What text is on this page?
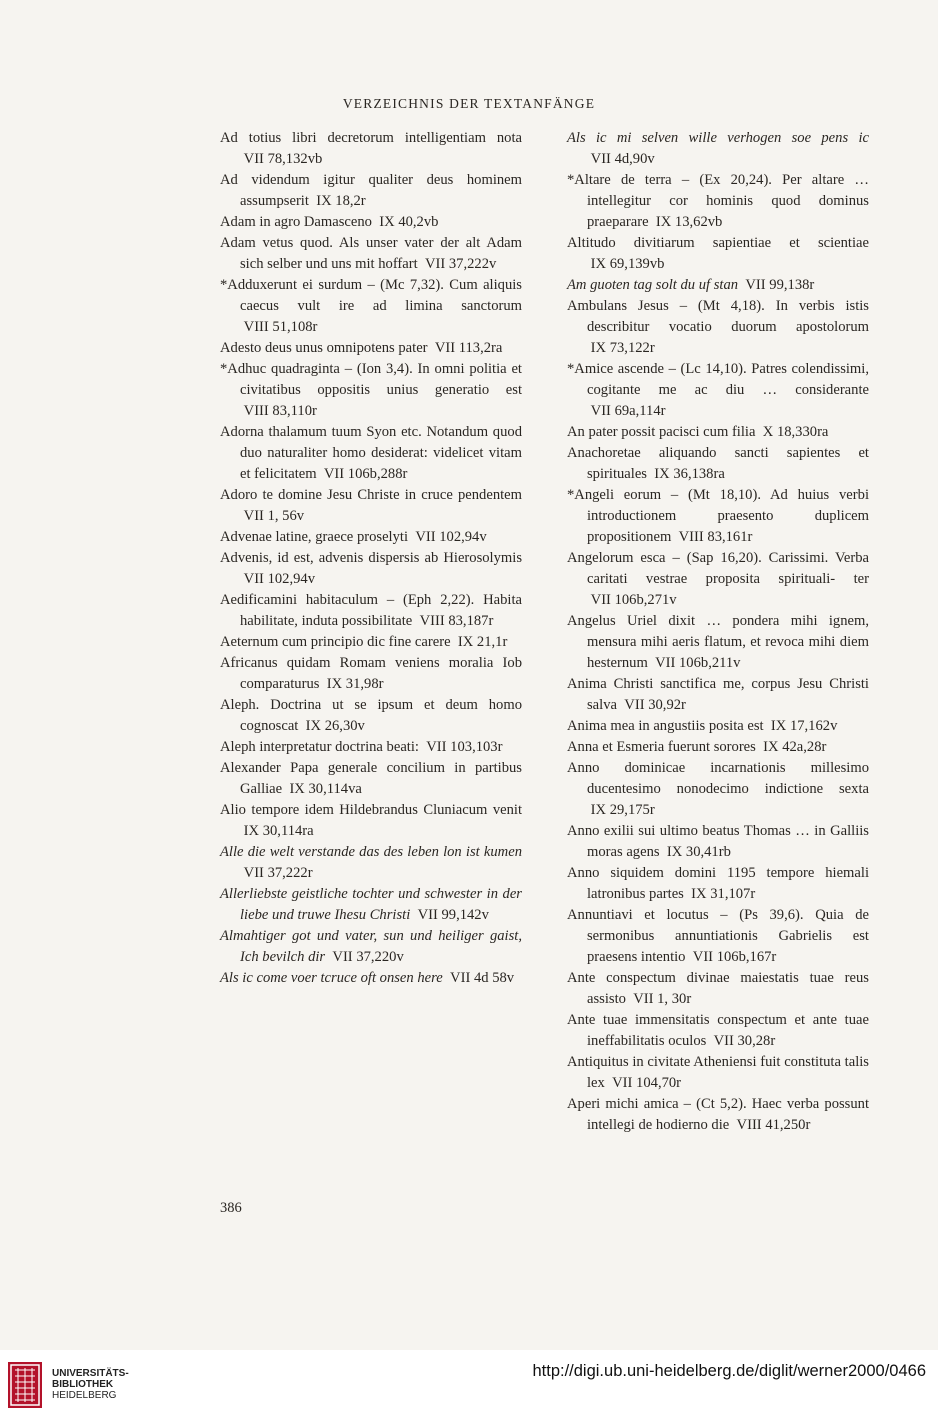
VERZEICHNIS DER TEXTANFÄNGE

Ad totius libri decretorum intelligentiam nota  VII 78,132vb

Ad videndum igitur qualiter deus hominem assumpserit IX 18,2r

Adam in agro Damasceno IX 40,2vb

Adam vetus quod. Als unser vater der alt Adam sich selber und uns mit hoffart VII 37,222v

*Adduxerunt ei surdum – (Mc 7,32). Cum aliquis caecus vult ire ad limina sanctorum  VIII 51,108r

Adesto deus unus omnipotens pater VII 113,2ra

*Adhuc quadraginta – (Ion 3,4). In omni politia et civitatibus oppositis unius generatio est  VIII 83,110r

Adorna thalamum tuum Syon etc. Notandum quod duo naturaliter homo desiderat: videlicet vitam et felicitatem VII 106b,288r

Adoro te domine Jesu Christe in cruce pendentem  VII 1, 56v

Advenae latine, graece proselyti VII 102,94v

Advenis, id est, advenis dispersis ab Hierosolymis  VII 102,94v

Aedificamini habitaculum – (Eph 2,22). Habita habilitate, induta possibilitate VIII 83,187r

Aeternum cum principio dic fine carere IX 21,1r

Africanus quidam Romam veniens moralia Iob comparaturus IX 31,98r

Aleph. Doctrina ut se ipsum et deum homo cognoscat IX 26,30v

Aleph interpretatur doctrina beati: VII 103,103r

Alexander Papa generale concilium in partibus Galliae IX 30,114va

Alio tempore idem Hildebrandus Cluniacum venit  IX 30,114ra

Alle die welt verstande das des leben lon ist kumen  VII 37,222r

Allerliebste geistliche tochter und schwester in der liebe und truwe Ihesu Christi VII 99,142v

Almahtiger got und vater, sun und heiliger gaist, Ich bevilch dir VII 37,220v

Als ic come voer tcruce oft onsen here VII 4d 58v

Als ic mi selven wille verhogen soe pens ic  VII 4d,90v

*Altare de terra – (Ex 20,24). Per altare … intellegitur cor hominis quod dominus praeparare IX 13,62vb

Altitudo divitiarum sapientiae et scientiae  IX 69,139vb

Am guoten tag solt du uf stan VII 99,138r

Ambulans Jesus – (Mt 4,18). In verbis istis describitur vocatio duorum apostolorum  IX 73,122r

*Amice ascende – (Lc 14,10). Patres colendissimi, cogitante me ac diu … considerante  VII 69a,114r

An pater possit pacisci cum filia X 18,330ra

Anachoretae aliquando sancti sapientes et spirituales IX 36,138ra

*Angeli eorum – (Mt 18,10). Ad huius verbi introductionem praesento duplicem propositionem VIII 83,161r

Angelorum esca – (Sap 16,20). Carissimi. Verba caritati vestrae proposita spirituali- ter  VII 106b,271v

Angelus Uriel dixit … pondera mihi ignem, mensura mihi aeris flatum, et revoca mihi diem hesternum VII 106b,211v

Anima Christi sanctifica me, corpus Jesu Christi salva VII 30,92r

Anima mea in angustiis posita est IX 17,162v

Anna et Esmeria fuerunt sorores IX 42a,28r

Anno dominicae incarnationis millesimo ducentesimo nonodecimo indictione sexta  IX 29,175r

Anno exilii sui ultimo beatus Thomas … in Galliis moras agens IX 30,41rb

Anno siquidem domini 1195 tempore hiemali latronibus partes IX 31,107r

Annuntiavi et locutus – (Ps 39,6). Quia de sermonibus annuntiationis Gabrielis est praesens intentio VII 106b,167r

Ante conspectum divinae maiestatis tuae reus assisto VII 1, 30r

Ante tuae immensitatis conspectum et ante tuae ineffabilitatis oculos VII 30,28r

Antiquitus in civitate Atheniensi fuit constituta talis lex VII 104,70r

Aperi michi amica – (Ct 5,2). Haec verba possunt intellegi de hodierno die VIII 41,250r

386
UNIVERSITÄTS-
BIBLIOTHEK
HEIDELBERG
http://digi.ub.uni-heidelberg.de/diglit/werner2000/0466
